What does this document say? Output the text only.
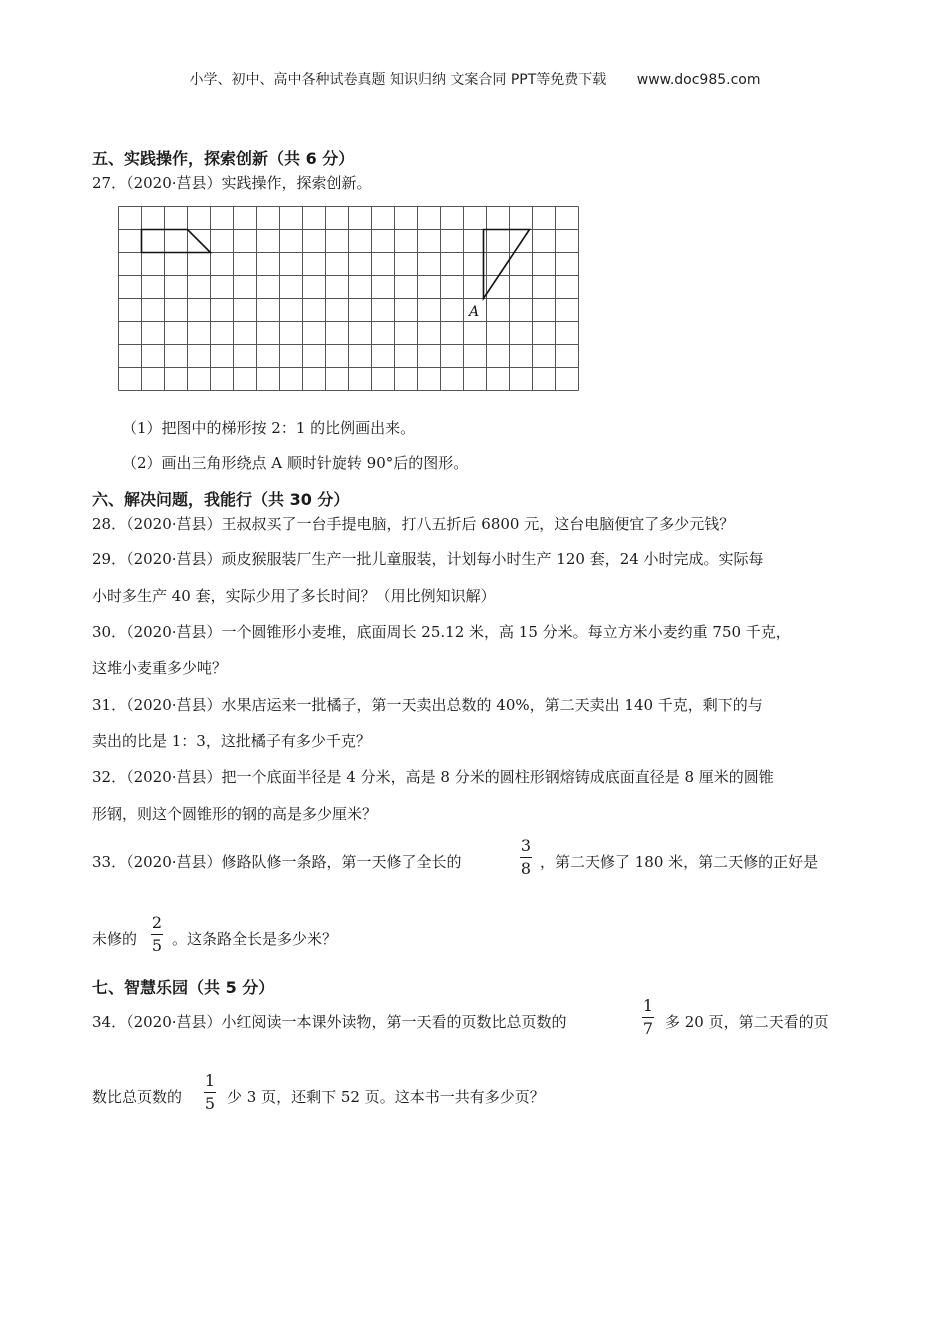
小学、初中、高中各种试卷真题 知识归纳 文案合同 PPT等免费下载 www.doc985.com
五、实践操作，探索创新（共 6 分）
27．（2020·莒县）实践操作，探索创新。
A
（1）把图中的梯形按 2：1 的比例画出来。
（2）画出三角形绕点 A 顺时针旋转 90°后的图形。
六、解决问题，我能行（共 30 分）
28．（2020·莒县）王叔叔买了一台手提电脑，打八五折后 6800 元，这台电脑便宜了多少元钱？
29．（2020·莒县）顽皮猴服装厂生产一批儿童服装，计划每小时生产 120 套，24 小时完成。实际每
小时多生产 40 套，实际少用了多长时间？（用比例知识解）
30．（2020·莒县）一个圆锥形小麦堆，底面周长 25.12 米，高 15 分米。每立方米小麦约重 750 千克，
这堆小麦重多少吨？
31．（2020·莒县）水果店运来一批橘子，第一天卖出总数的 40%，第二天卖出 140 千克，剩下的与
卖出的比是 1：3，这批橘子有多少千克？
32．（2020·莒县）把一个底面半径是 4 分米，高是 8 分米的圆柱形钢熔铸成底面直径是 8 厘米的圆锥
形钢，则这个圆锥形的钢的高是多少厘米？
33．（2020·莒县）修路队修一条路，第一天修了全长的
3
8 ，第二天修了 180 米，第二天修的正好是
未修的
2
5 。这条路全长是多少米？
七、智慧乐园（共 5 分）
34．（2020·莒县）小红阅读一本课外读物，第一天看的页数比总页数的
1
7 多 20 页，第二天看的页
数比总页数的
1
5 少 3 页，还剩下 52 页。这本书一共有多少页？
